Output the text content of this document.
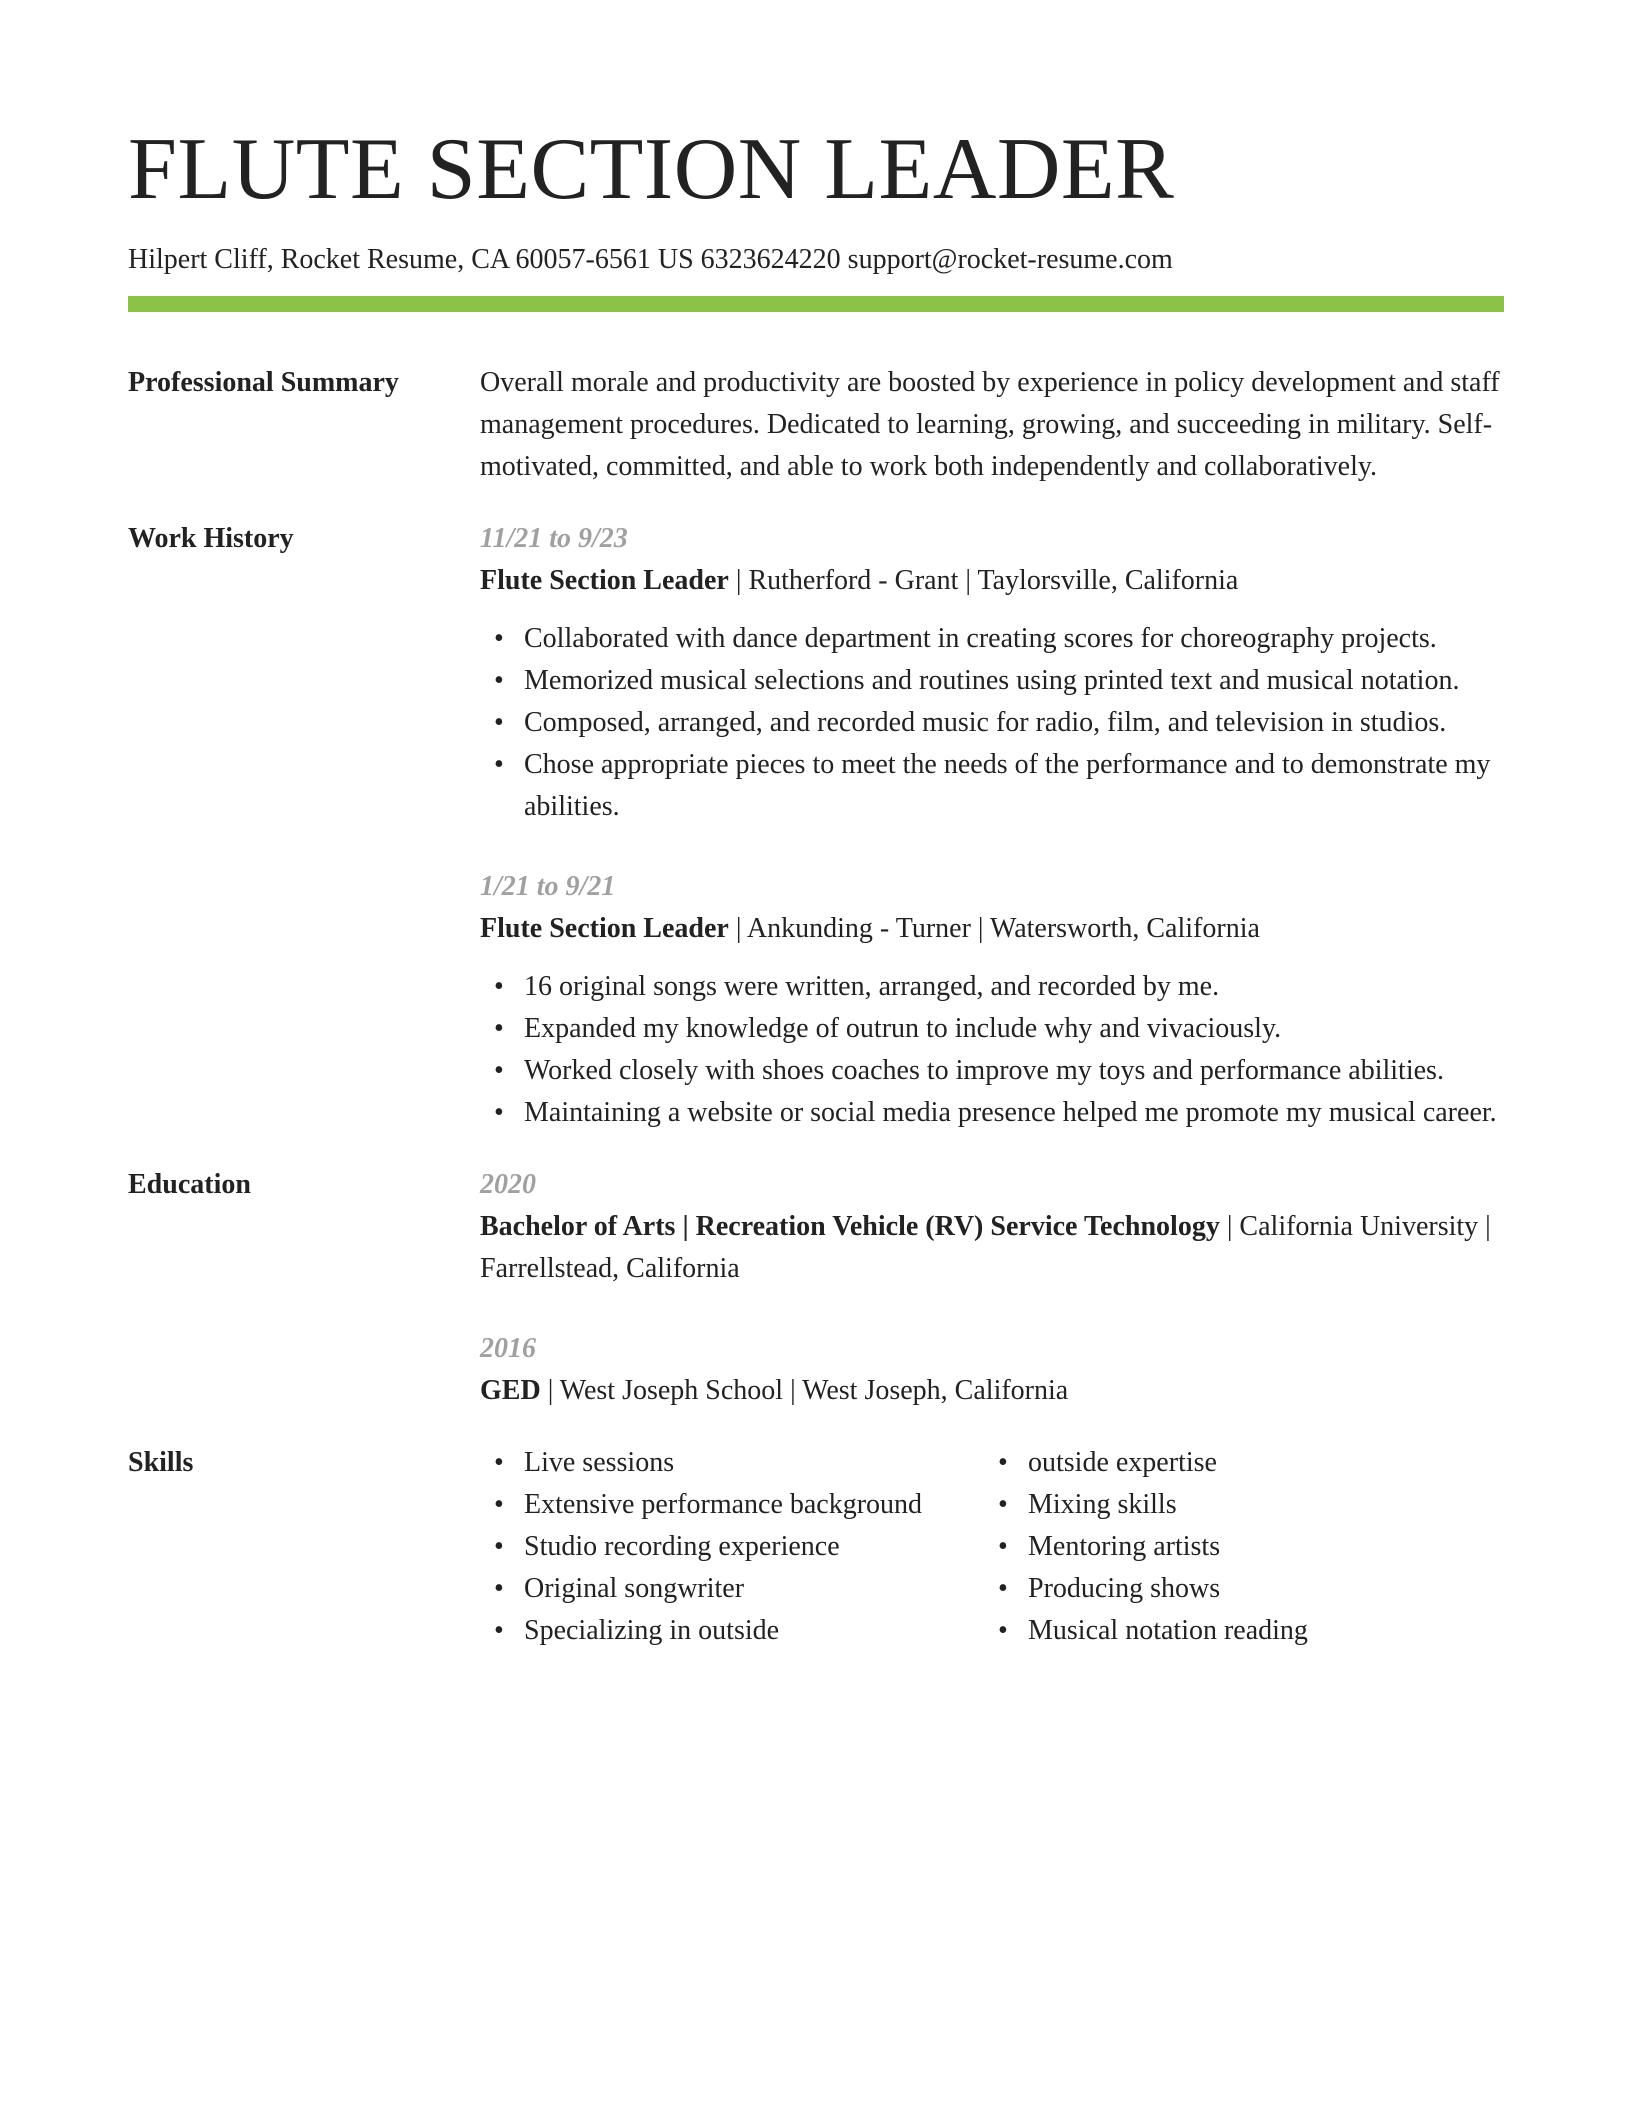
FLUTE SECTION LEADER
Hilpert Cliff, Rocket Resume, CA 60057-6561 US 6323624220 support@rocket-resume.com
Professional Summary	Overall morale and productivity are boosted by experience in policy development and staff management procedures. Dedicated to learning, growing, and succeeding in military. Self-motivated, committed, and able to work both independently and collaboratively.
Work History	11/21 to 9/23
Flute Section Leader | Rutherford - Grant | Taylorsville, California
• Collaborated with dance department in creating scores for choreography projects.
• Memorized musical selections and routines using printed text and musical notation.
• Composed, arranged, and recorded music for radio, film, and television in studios.
• Chose appropriate pieces to meet the needs of the performance and to demonstrate my abilities.
1/21 to 9/21
Flute Section Leader | Ankunding - Turner | Watersworth, California
• 16 original songs were written, arranged, and recorded by me.
• Expanded my knowledge of outrun to include why and vivaciously.
• Worked closely with shoes coaches to improve my toys and performance abilities.
• Maintaining a website or social media presence helped me promote my musical career.
Education	2020
Bachelor of Arts | Recreation Vehicle (RV) Service Technology | California University | Farrellstead, California
2016
GED | West Joseph School | West Joseph, California
Skills	• Live sessions
• Extensive performance background
• Studio recording experience
• Original songwriter
• Specializing in outside
• outside expertise
• Mixing skills
• Mentoring artists
• Producing shows
• Musical notation reading
